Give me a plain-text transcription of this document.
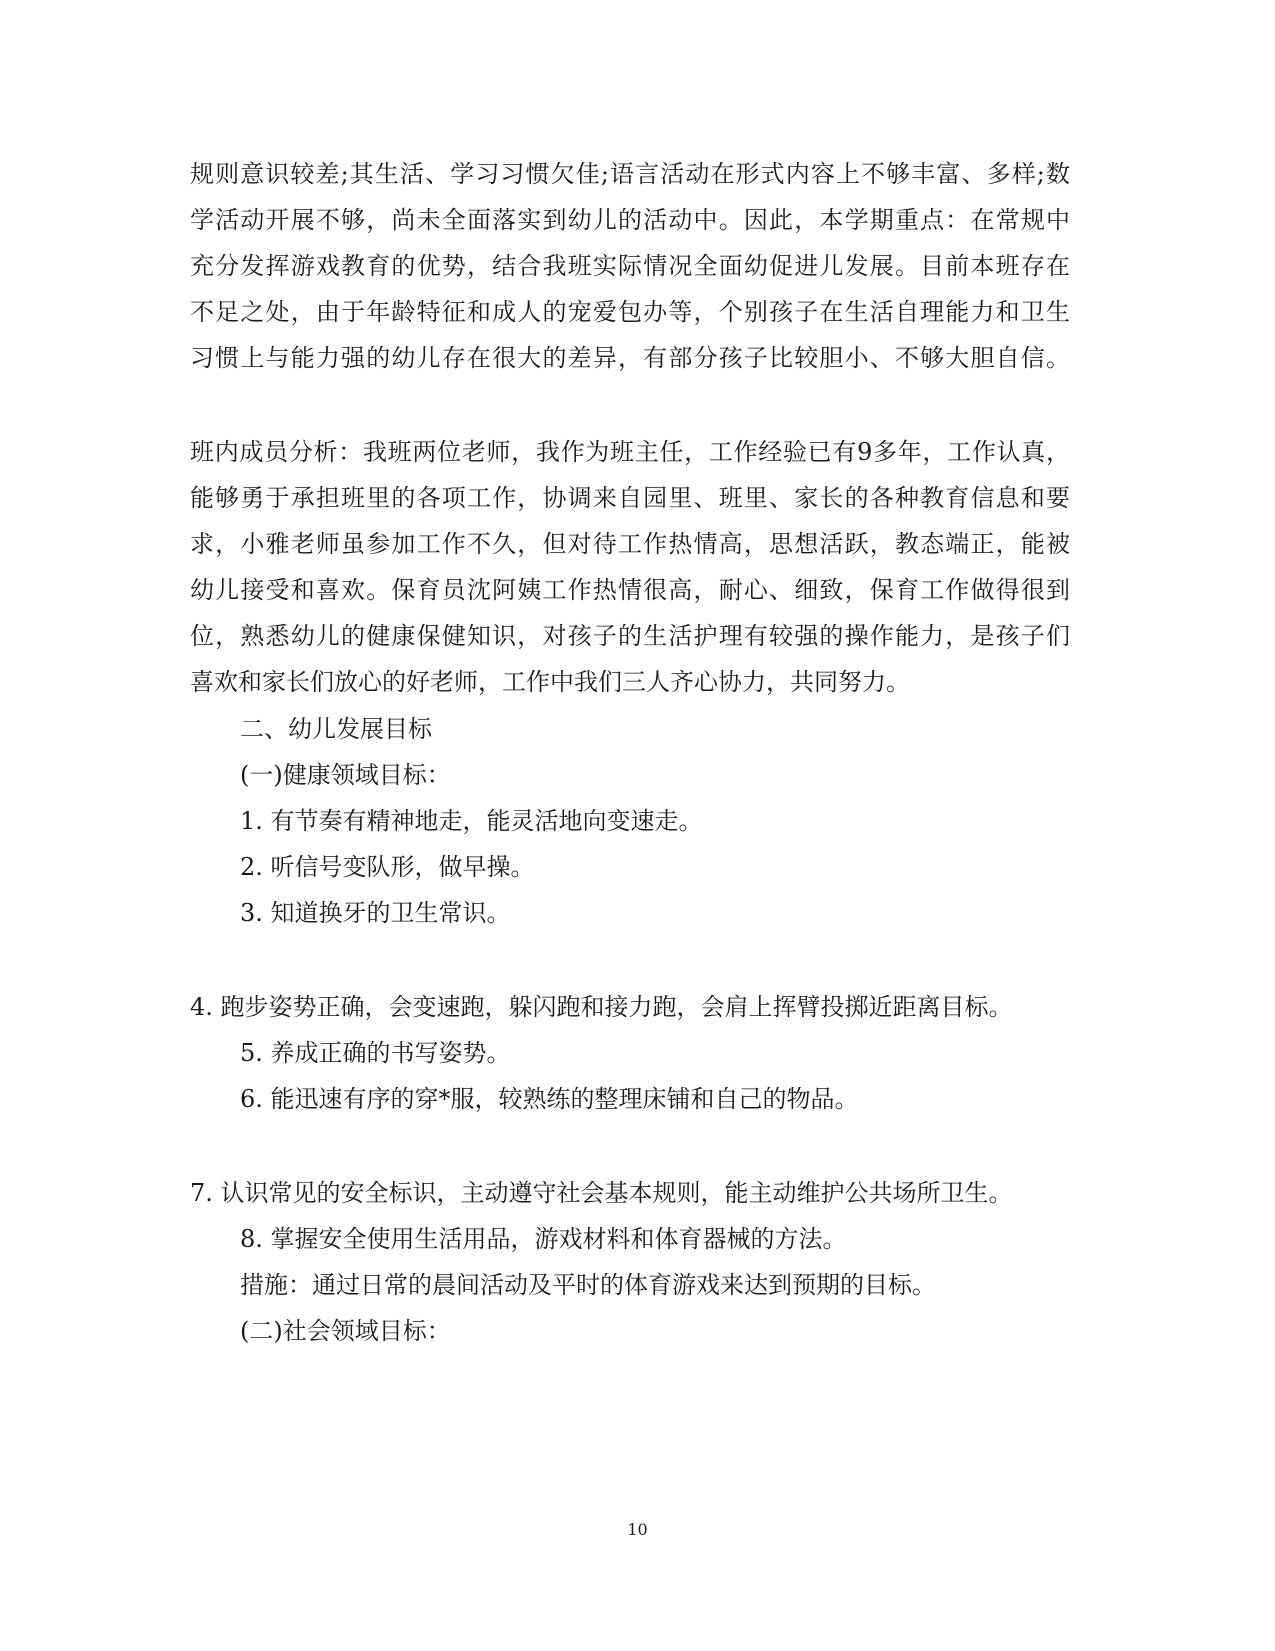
规则意识较差;其生活、学习习惯欠佳;语言活动在形式内容上不够丰富、多样;数
学活动开展不够，尚未全面落实到幼儿的活动中。因此，本学期重点：在常规中
充分发挥游戏教育的优势，结合我班实际情况全面幼促进儿发展。目前本班存在
不足之处，由于年龄特征和成人的宠爱包办等，个别孩子在生活自理能力和卫生
习惯上与能力强的幼儿存在很大的差异，有部分孩子比较胆小、不够大胆自信。
班内成员分析：我班两位老师，我作为班主任，工作经验已有9多年，工作认真，
能够勇于承担班里的各项工作，协调来自园里、班里、家长的各种教育信息和要
求，小雅老师虽参加工作不久，但对待工作热情高，思想活跃，教态端正，能被
幼儿接受和喜欢。保育员沈阿姨工作热情很高，耐心、细致，保育工作做得很到
位，熟悉幼儿的健康保健知识，对孩子的生活护理有较强的操作能力，是孩子们
喜欢和家长们放心的好老师，工作中我们三人齐心协力，共同努力。
二、幼儿发展目标
(一)健康领域目标：
1. 有节奏有精神地走，能灵活地向变速走。
2. 听信号变队形，做早操。
3. 知道换牙的卫生常识。
4. 跑步姿势正确，会变速跑，躲闪跑和接力跑，会肩上挥臂投掷近距离目标。
5. 养成正确的书写姿势。
6. 能迅速有序的穿*服，较熟练的整理床铺和自己的物品。
7. 认识常见的安全标识，主动遵守社会基本规则，能主动维护公共场所卫生。
8. 掌握安全使用生活用品，游戏材料和体育器械的方法。
措施：通过日常的晨间活动及平时的体育游戏来达到预期的目标。
(二)社会领域目标：
10
